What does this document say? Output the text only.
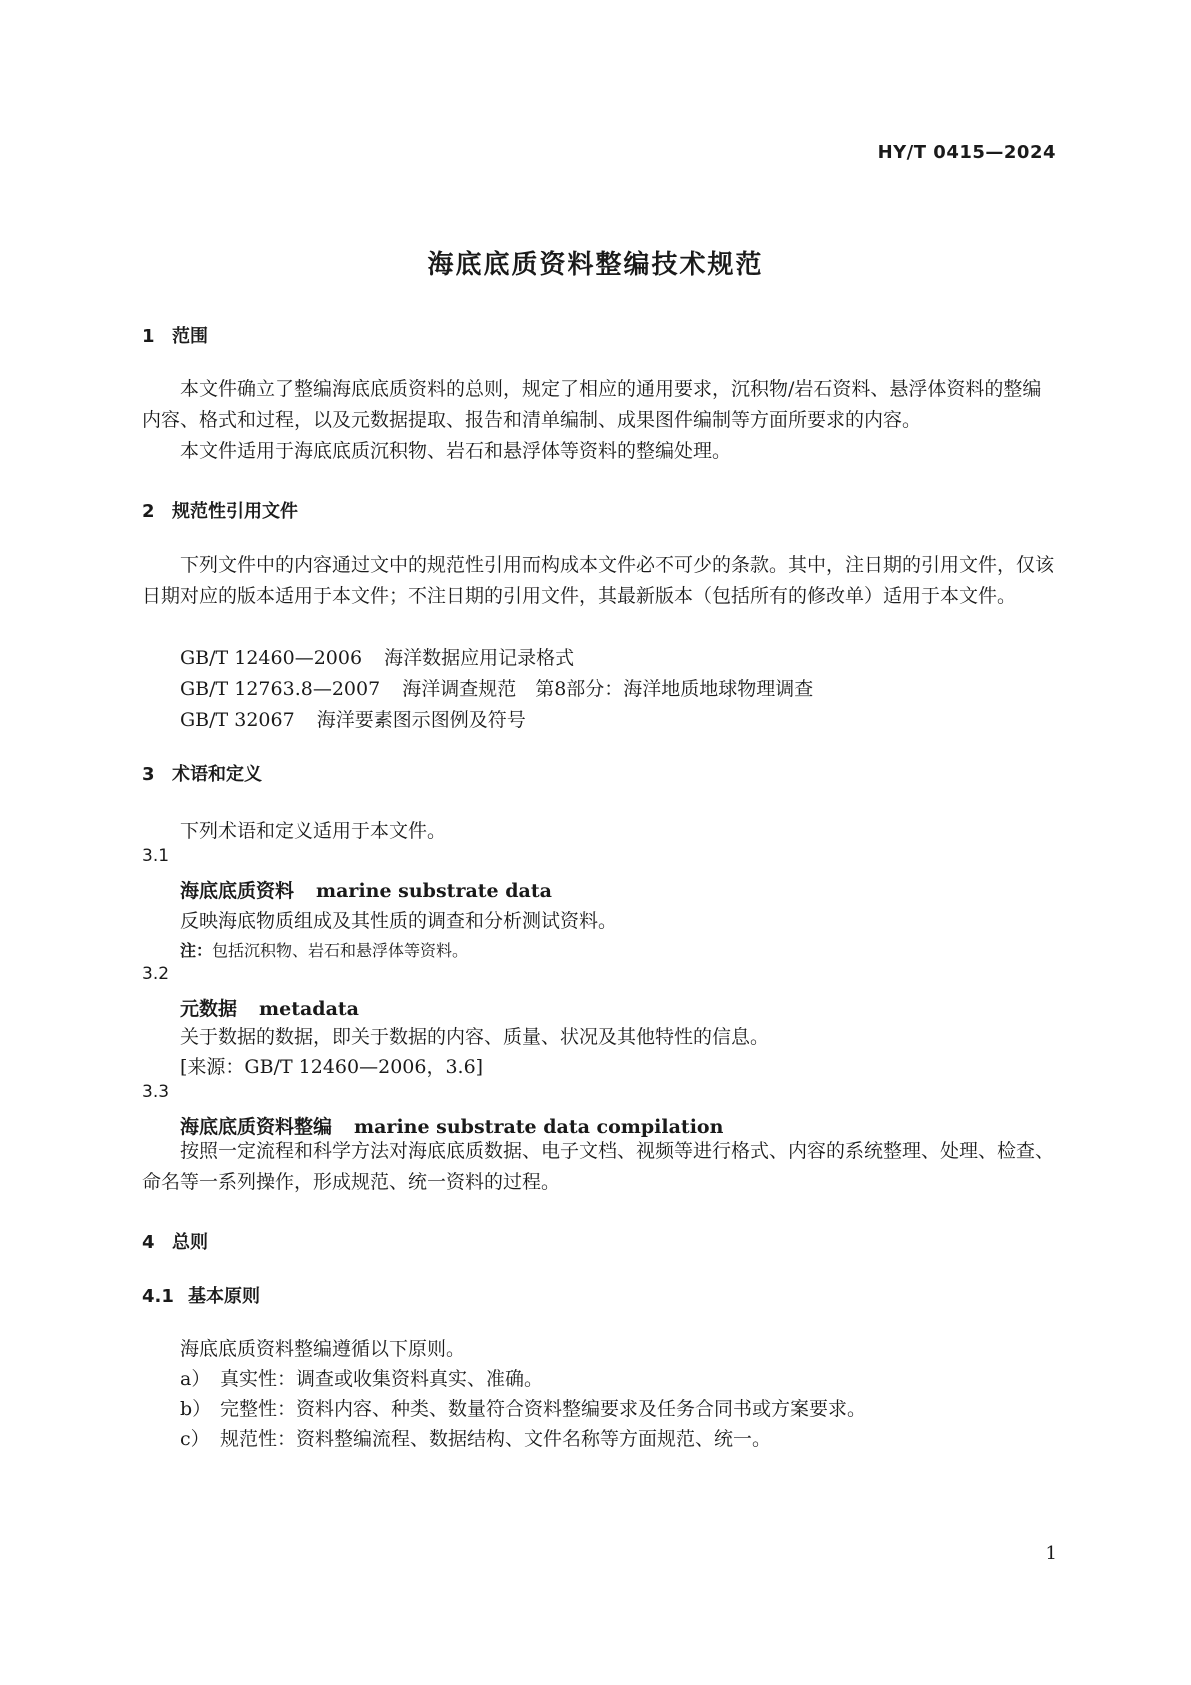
HY/T 0415—2024
海底底质资料整编技术规范
1 范围
本文件确立了整编海底底质资料的总则，规定了相应的通用要求，沉积物/岩石资料、悬浮体资料的整编内容、格式和过程，以及元数据提取、报告和清单编制、成果图件编制等方面所要求的内容。
本文件适用于海底底质沉积物、岩石和悬浮体等资料的整编处理。
2 规范性引用文件
下列文件中的内容通过文中的规范性引用而构成本文件必不可少的条款。其中，注日期的引用文件，仅该日期对应的版本适用于本文件；不注日期的引用文件，其最新版本（包括所有的修改单）适用于本文件。
GB/T 12460—2006 海洋数据应用记录格式
GB/T 12763.8—2007 海洋调查规范　第8部分：海洋地质地球物理调查
GB/T 32067 海洋要素图示图例及符号
3 术语和定义
下列术语和定义适用于本文件。
3.1
海底底质资料 marine substrate data
反映海底物质组成及其性质的调查和分析测试资料。
注：包括沉积物、岩石和悬浮体等资料。
3.2
元数据 metadata
关于数据的数据，即关于数据的内容、质量、状况及其他特性的信息。
[来源：GB/T 12460—2006，3.6]
3.3
海底底质资料整编 marine substrate data compilation
按照一定流程和科学方法对海底底质数据、电子文档、视频等进行格式、内容的系统整理、处理、检查、命名等一系列操作，形成规范、统一资料的过程。
4 总则
4.1 基本原则
海底底质资料整编遵循以下原则。
a） 真实性：调查或收集资料真实、准确。
b） 完整性：资料内容、种类、数量符合资料整编要求及任务合同书或方案要求。
c） 规范性：资料整编流程、数据结构、文件名称等方面规范、统一。
1
